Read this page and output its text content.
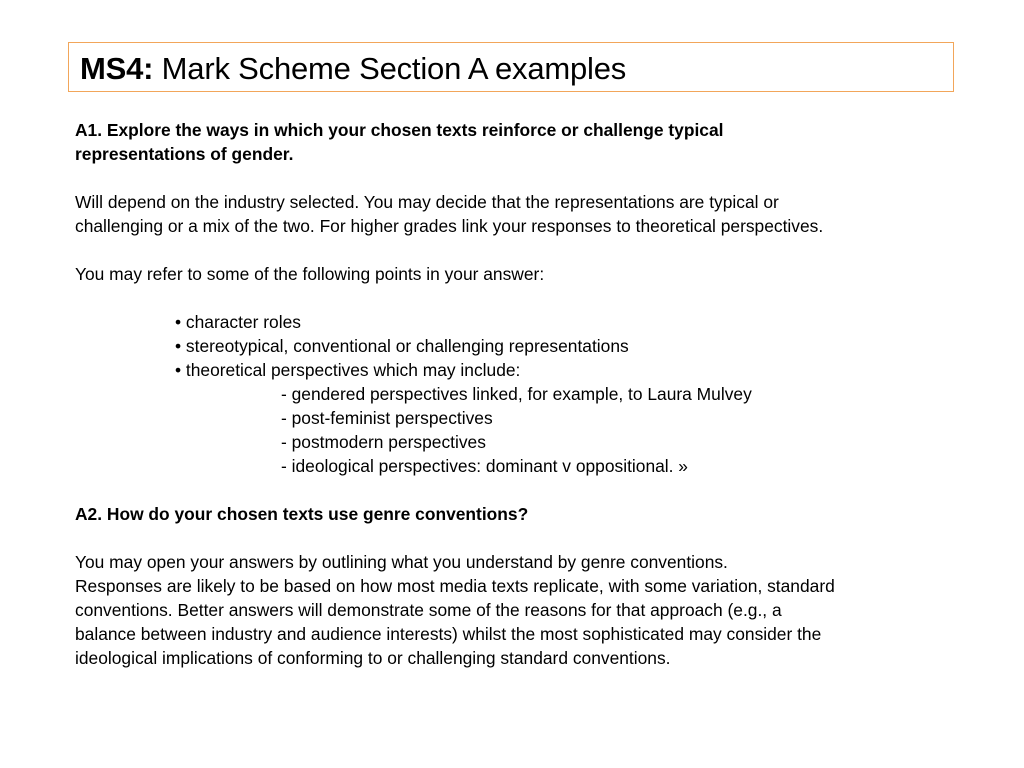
MS4: Mark Scheme Section A examples
A1. Explore the ways in which your chosen texts reinforce or challenge typical
representations of gender.
Will depend on the industry selected. You may decide that the representations are typical or
challenging or a mix of the two. For higher grades link your responses to theoretical perspectives.
You may refer to some of the following points in your answer:
• character roles
• stereotypical, conventional or challenging representations
• theoretical perspectives which may include:
- gendered perspectives linked, for example, to Laura Mulvey
- post-feminist perspectives
- postmodern perspectives
- ideological perspectives: dominant v oppositional. »
A2. How do your chosen texts use genre conventions?
You may open your answers by outlining what you understand by genre conventions.
Responses are likely to be based on how most media texts replicate, with some variation, standard
conventions. Better answers will demonstrate some of the reasons for that approach (e.g., a
balance between industry and audience interests) whilst the most sophisticated may consider the
ideological implications of conforming to or challenging standard conventions.
